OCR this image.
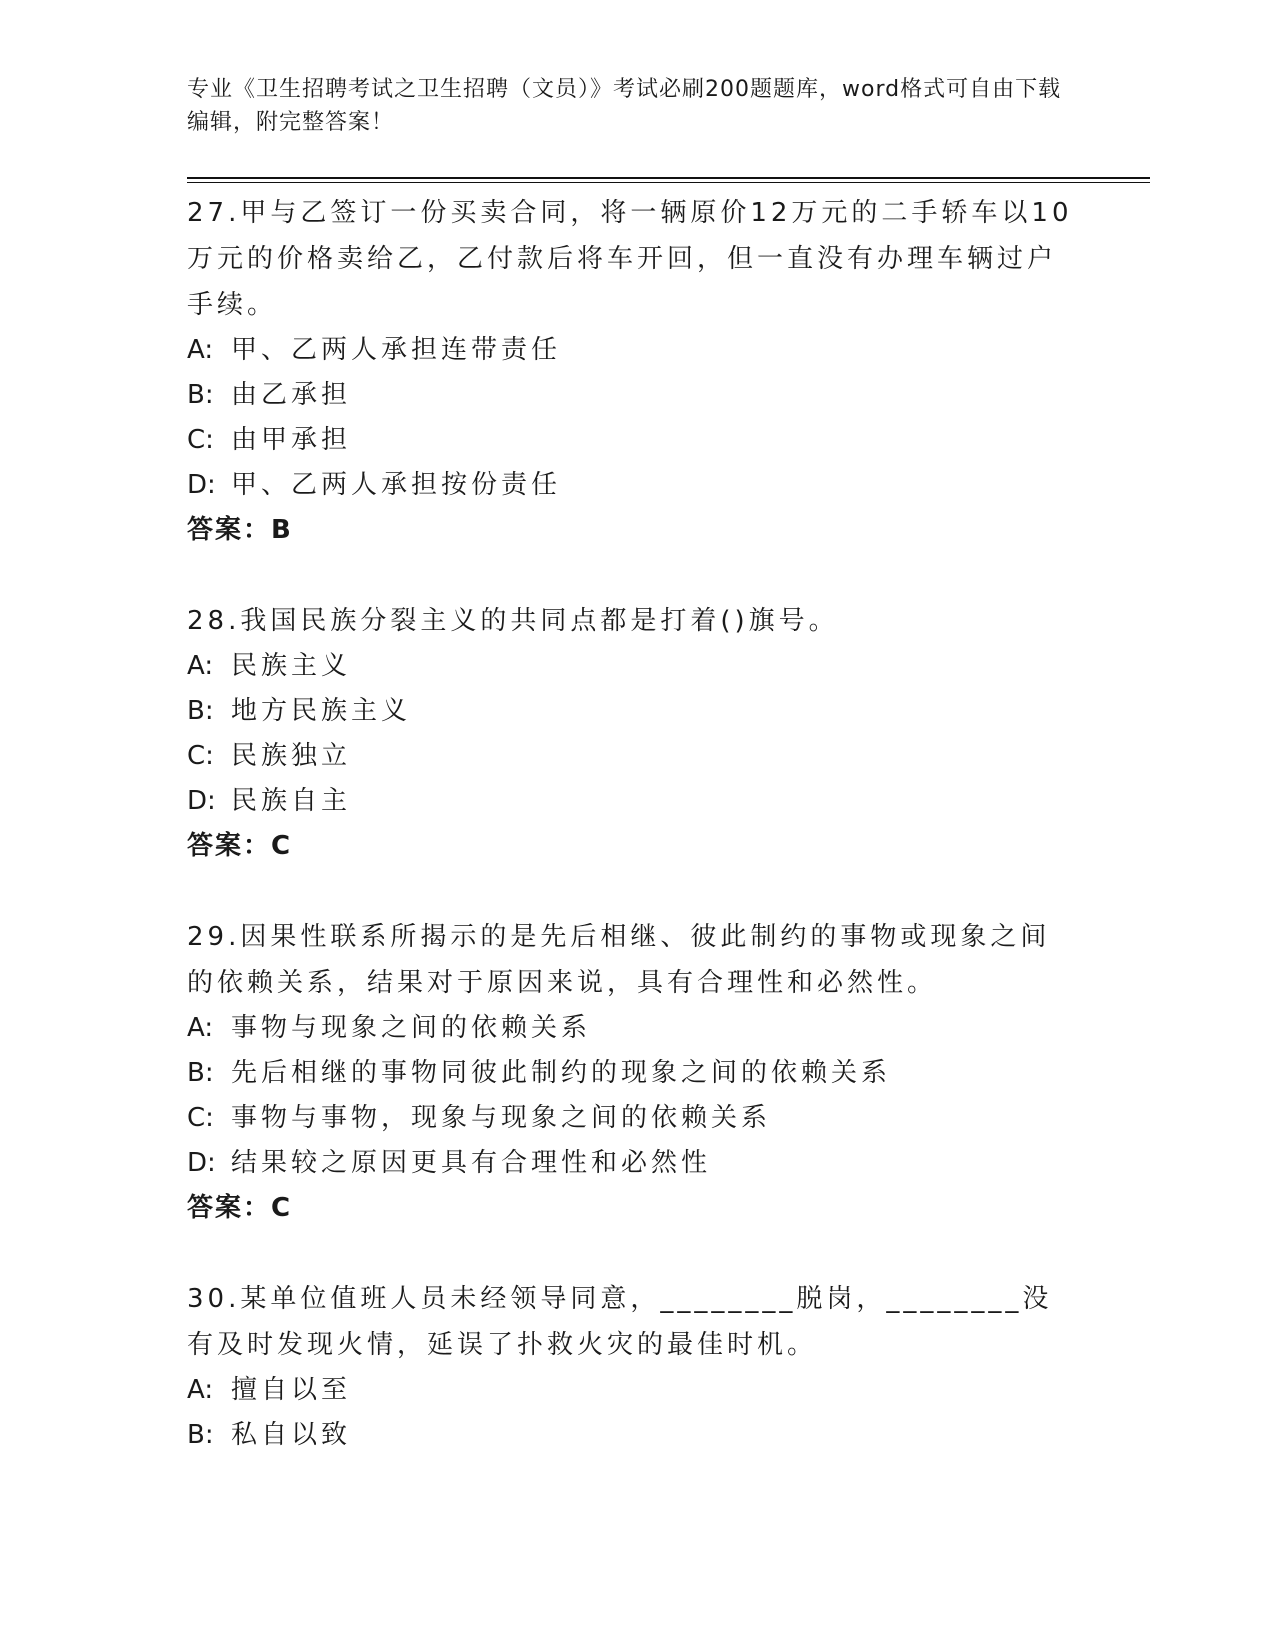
专业《卫生招聘考试之卫生招聘（文员）》考试必刷200题题库，word格式可自由下载编辑，附完整答案！

27.甲与乙签订一份买卖合同，将一辆原价12万元的二手轿车以10万元的价格卖给乙，乙付款后将车开回，但一直没有办理车辆过户手续。

A: 甲、乙两人承担连带责任

B: 由乙承担

C: 由甲承担

D: 甲、乙两人承担按份责任

答案：B

28.我国民族分裂主义的共同点都是打着()旗号。

A: 民族主义

B: 地方民族主义

C: 民族独立

D: 民族自主

答案：C

29.因果性联系所揭示的是先后相继、彼此制约的事物或现象之间的依赖关系，结果对于原因来说，具有合理性和必然性。

A: 事物与现象之间的依赖关系

B: 先后相继的事物同彼此制约的现象之间的依赖关系

C: 事物与事物，现象与现象之间的依赖关系

D: 结果较之原因更具有合理性和必然性

答案：C

30.某单位值班人员未经领导同意，________脱岗，________没有及时发现火情，延误了扑救火灾的最佳时机。

A: 擅自以至

B: 私自以致
